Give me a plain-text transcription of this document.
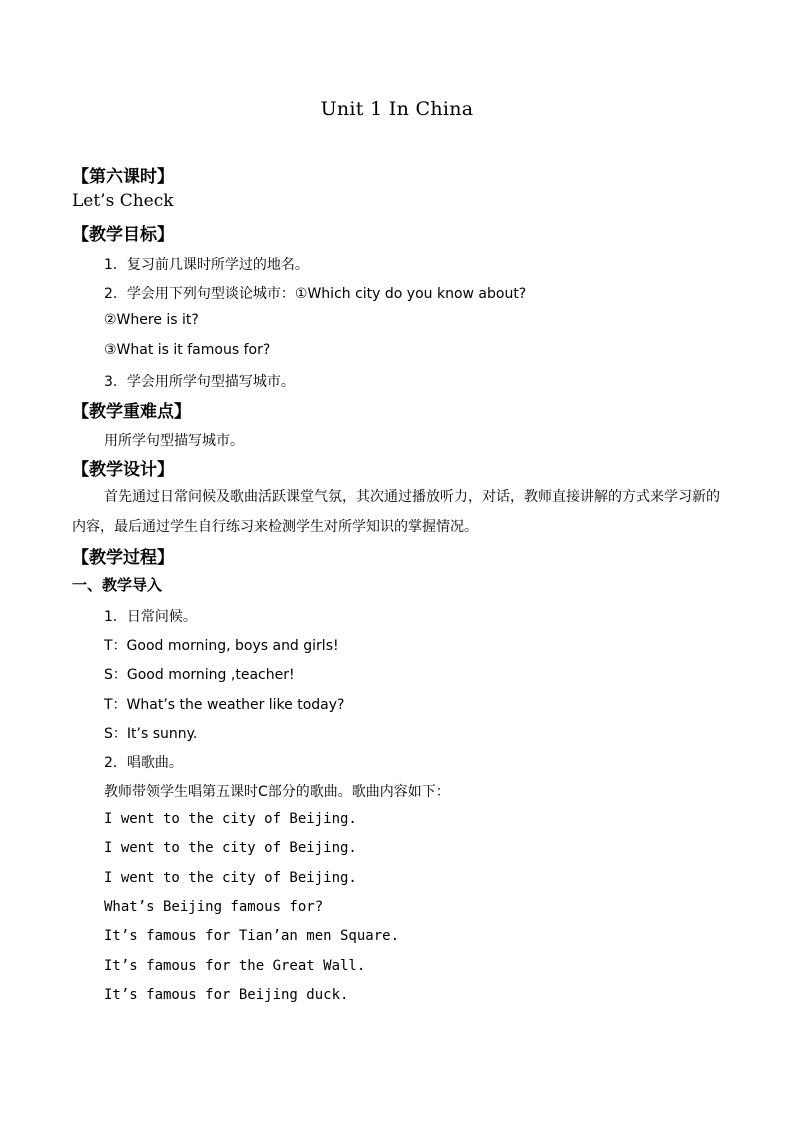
Unit 1 In China
【第六课时】
Let’s Check
【教学目标】
1．复习前几课时所学过的地名。
2．学会用下列句型谈论城市：①Which city do you know about?
②Where is it?
③What is it famous for?
3．学会用所学句型描写城市。
【教学重难点】
用所学句型描写城市。
【教学设计】
首先通过日常问候及歌曲活跃课堂气氛，其次通过播放听力，对话，教师直接讲解的方式来学习新的内容，最后通过学生自行练习来检测学生对所学知识的掌握情况。
【教学过程】
一、教学导入
1．日常问候。
T：Good morning, boys and girls!
S：Good morning ,teacher!
T：What’s the weather like today?
S：It’s sunny.
2．唱歌曲。
教师带领学生唱第五课时C部分的歌曲。歌曲内容如下：
I went to the city of Beijing.
I went to the city of Beijing.
I went to the city of Beijing.
What’s Beijing famous for?
It’s famous for Tian’an men Square.
It’s famous for the Great Wall.
It’s famous for Beijing duck.
